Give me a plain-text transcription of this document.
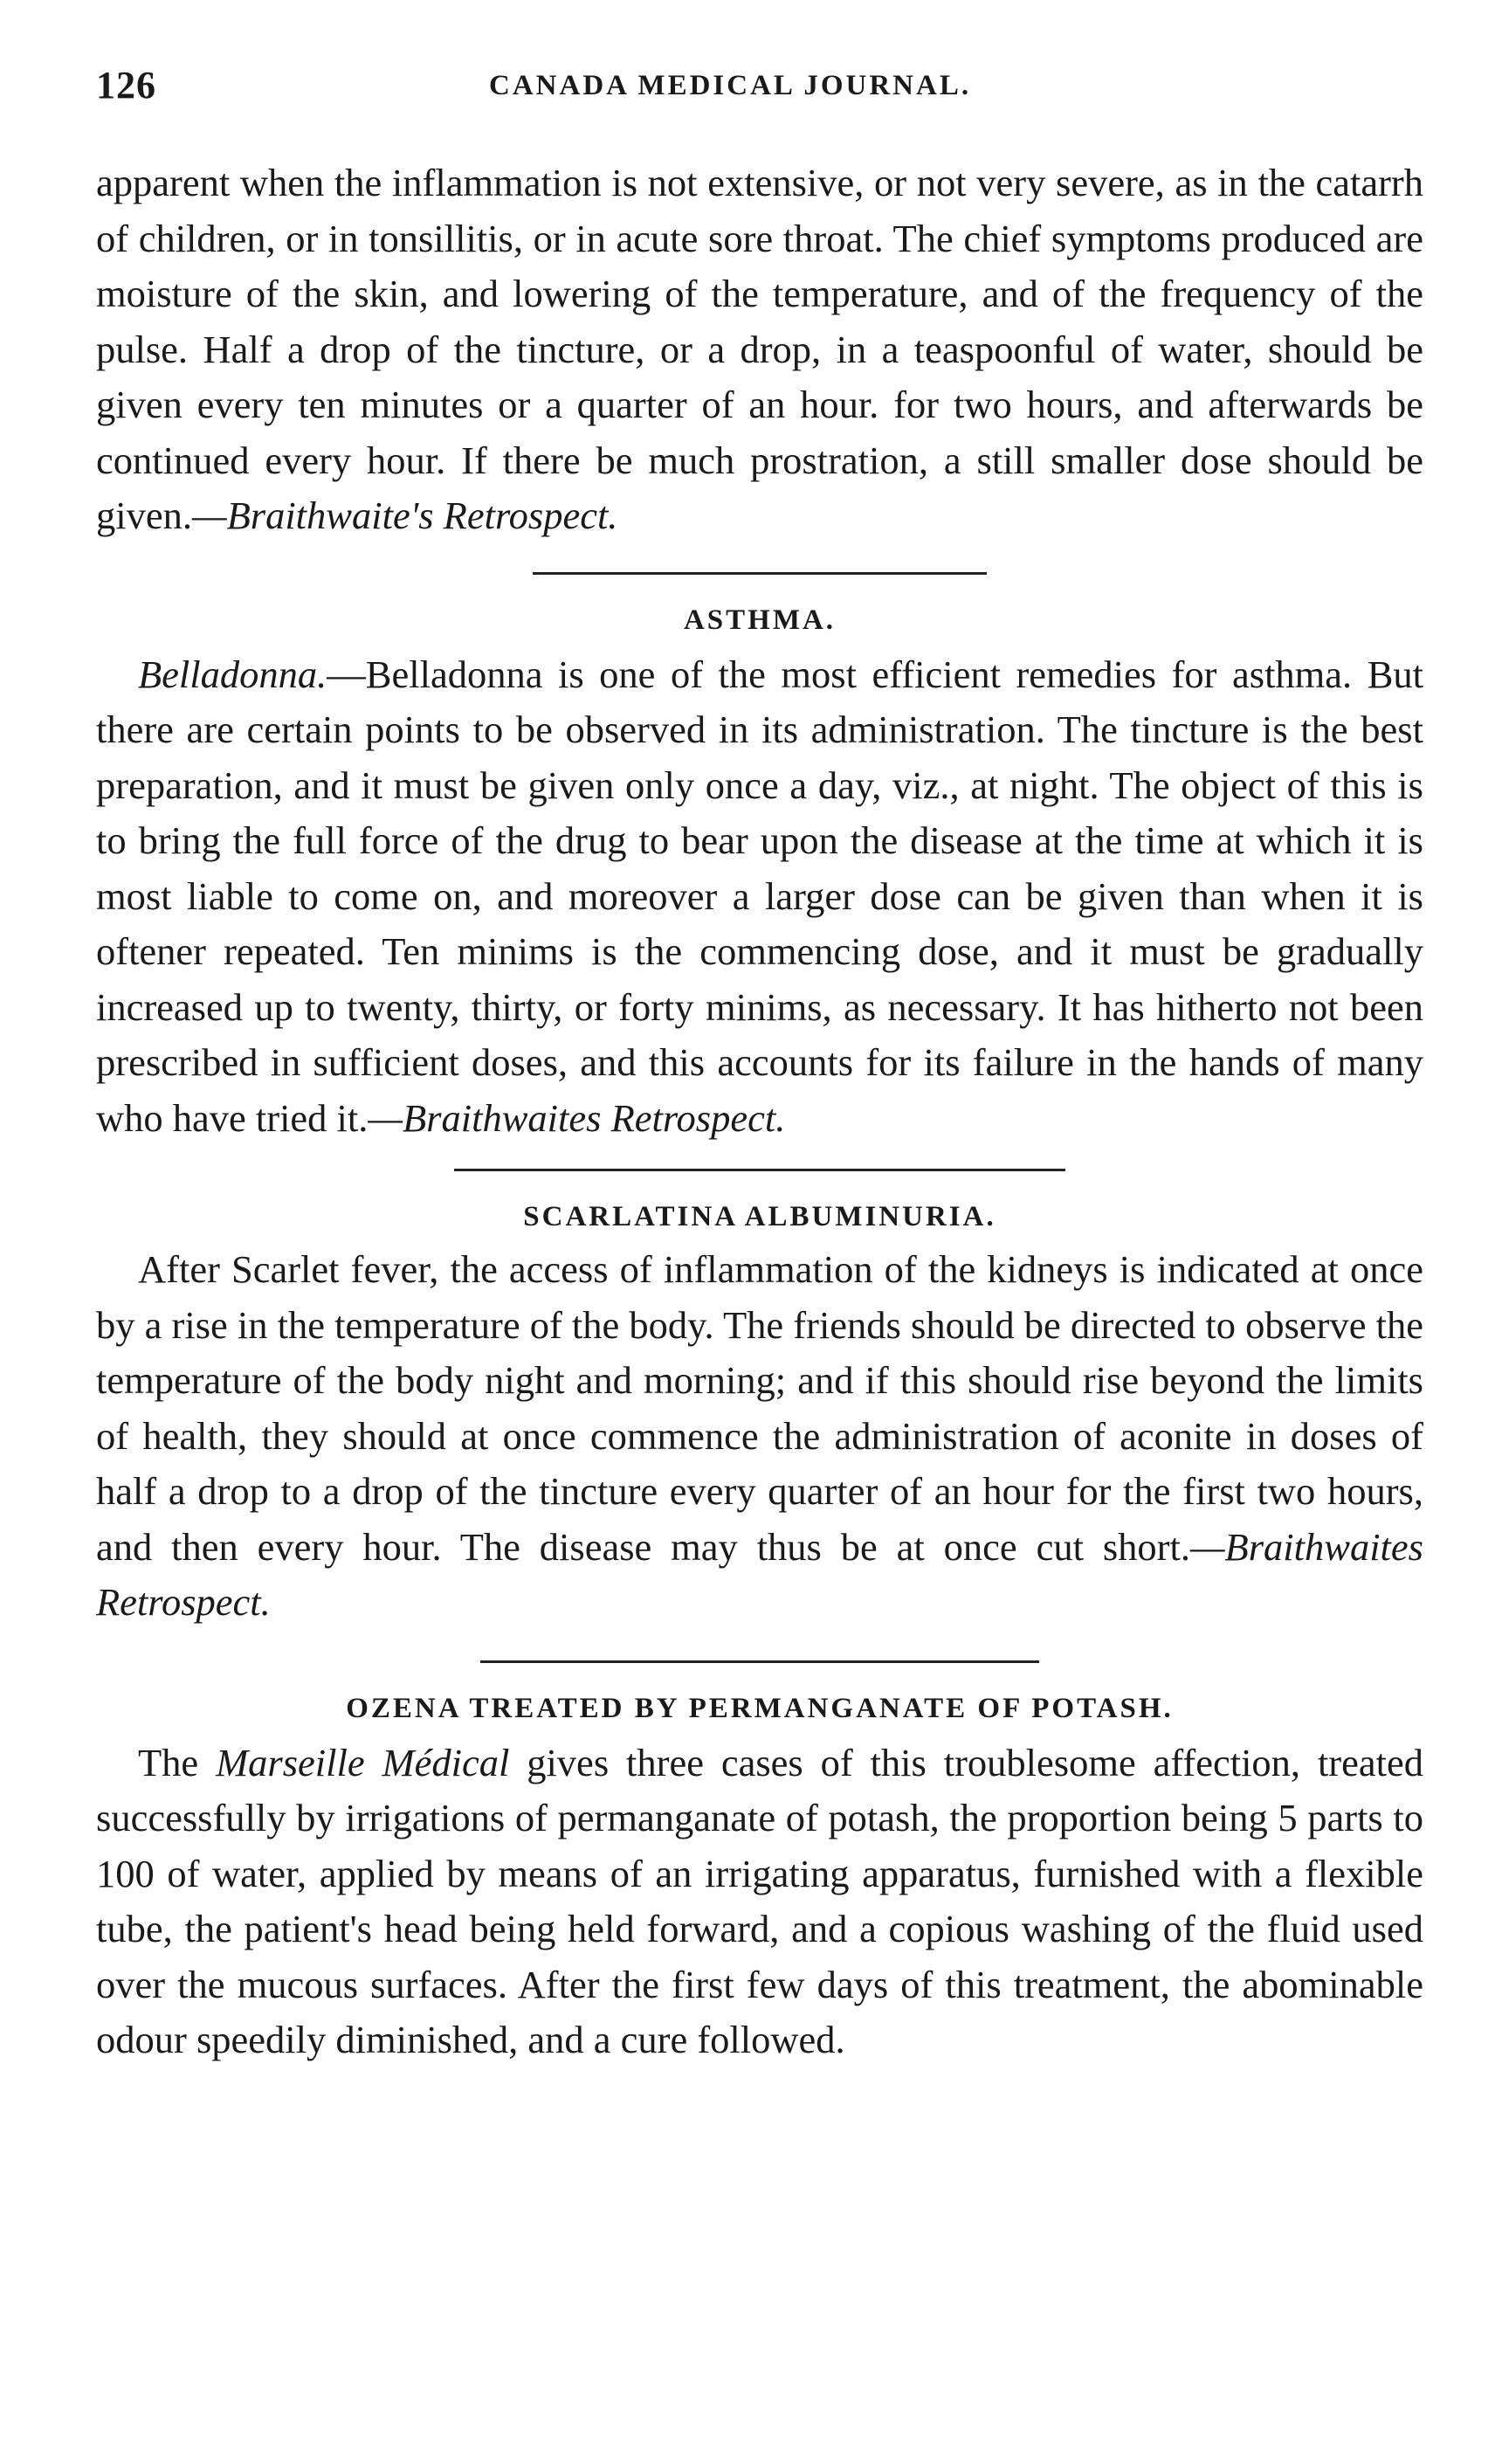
126	CANADA MEDICAL JOURNAL.

apparent when the inflammation is not extensive, or not very severe, as in the catarrh of children, or in tonsillitis, or in acute sore throat. The chief symptoms produced are moisture of the skin, and lowering of the temperature, and of the frequency of the pulse. Half a drop of the tincture, or a drop, in a teaspoonful of water, should be given every ten minutes or a quarter of an hour. for two hours, and afterwards be continued every hour. If there be much prostration, a still smaller dose should be given.—Braithwaite's Retrospect.

ASTHMA.

Belladonna.—Belladonna is one of the most efficient remedies for asthma. But there are certain points to be observed in its administration. The tincture is the best preparation, and it must be given only once a day, viz., at night. The object of this is to bring the full force of the drug to bear upon the disease at the time at which it is most liable to come on, and moreover a larger dose can be given than when it is oftener repeated. Ten minims is the commencing dose, and it must be gradually increased up to twenty, thirty, or forty minims, as necessary. It has hitherto not been prescribed in sufficient doses, and this accounts for its failure in the hands of many who have tried it.—Braithwaites Retrospect.

SCARLATINA ALBUMINURIA.

After Scarlet fever, the access of inflammation of the kidneys is indicated at once by a rise in the temperature of the body. The friends should be directed to observe the temperature of the body night and morning; and if this should rise beyond the limits of health, they should at once commence the administration of aconite in doses of half a drop to a drop of the tincture every quarter of an hour for the first two hours, and then every hour. The disease may thus be at once cut short.—Braithwaites Retrospect.

OZENA TREATED BY PERMANGANATE OF POTASH.

The Marseille Médical gives three cases of this troublesome affection, treated successfully by irrigations of permanganate of potash, the proportion being 5 parts to 100 of water, applied by means of an irrigating apparatus, furnished with a flexible tube, the patient's head being held forward, and a copious washing of the fluid used over the mucous surfaces. After the first few days of this treatment, the abominable odour speedily diminished, and a cure followed.
